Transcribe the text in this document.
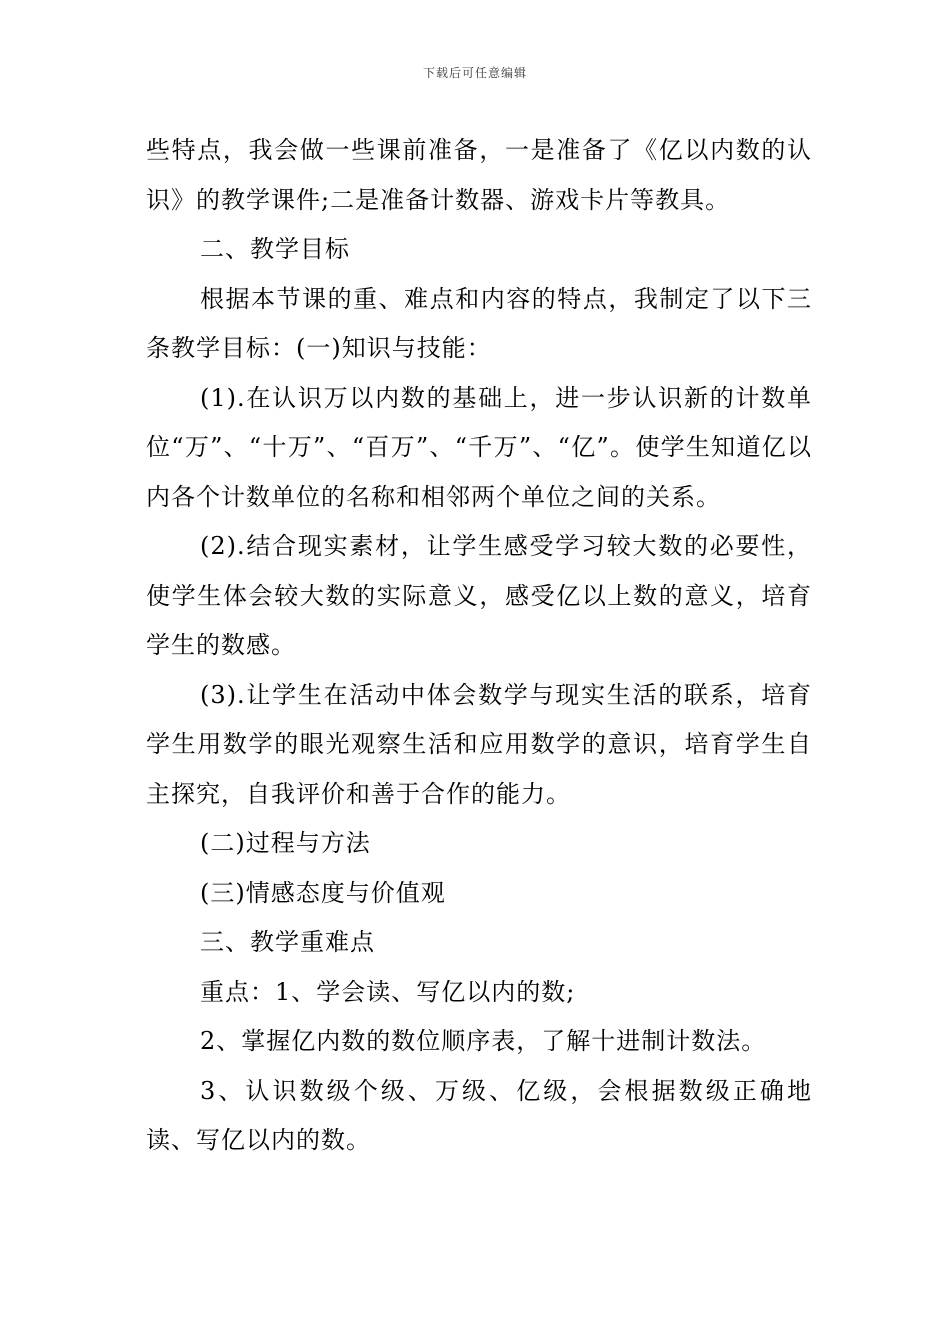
下载后可任意编辑

些特点，我会做一些课前准备，一是准备了《亿以内数的认识》的教学课件;二是准备计数器、游戏卡片等教具。

二、教学目标

根据本节课的重、难点和内容的特点，我制定了以下三条教学目标：(一)知识与技能：

(1).在认识万以内数的基础上，进一步认识新的计数单位“万”、“十万”、“百万”、“千万”、“亿”。使学生知道亿以内各个计数单位的名称和相邻两个单位之间的关系。

(2).结合现实素材，让学生感受学习较大数的必要性，使学生体会较大数的实际意义，感受亿以上数的意义，培育学生的数感。

(3).让学生在活动中体会数学与现实生活的联系，培育学生用数学的眼光观察生活和应用数学的意识，培育学生自主探究，自我评价和善于合作的能力。

(二)过程与方法

(三)情感态度与价值观

三、教学重难点

重点：1、学会读、写亿以内的数;

2、掌握亿内数的数位顺序表，了解十进制计数法。

3、认识数级个级、万级、亿级，会根据数级正确地读、写亿以内的数。
